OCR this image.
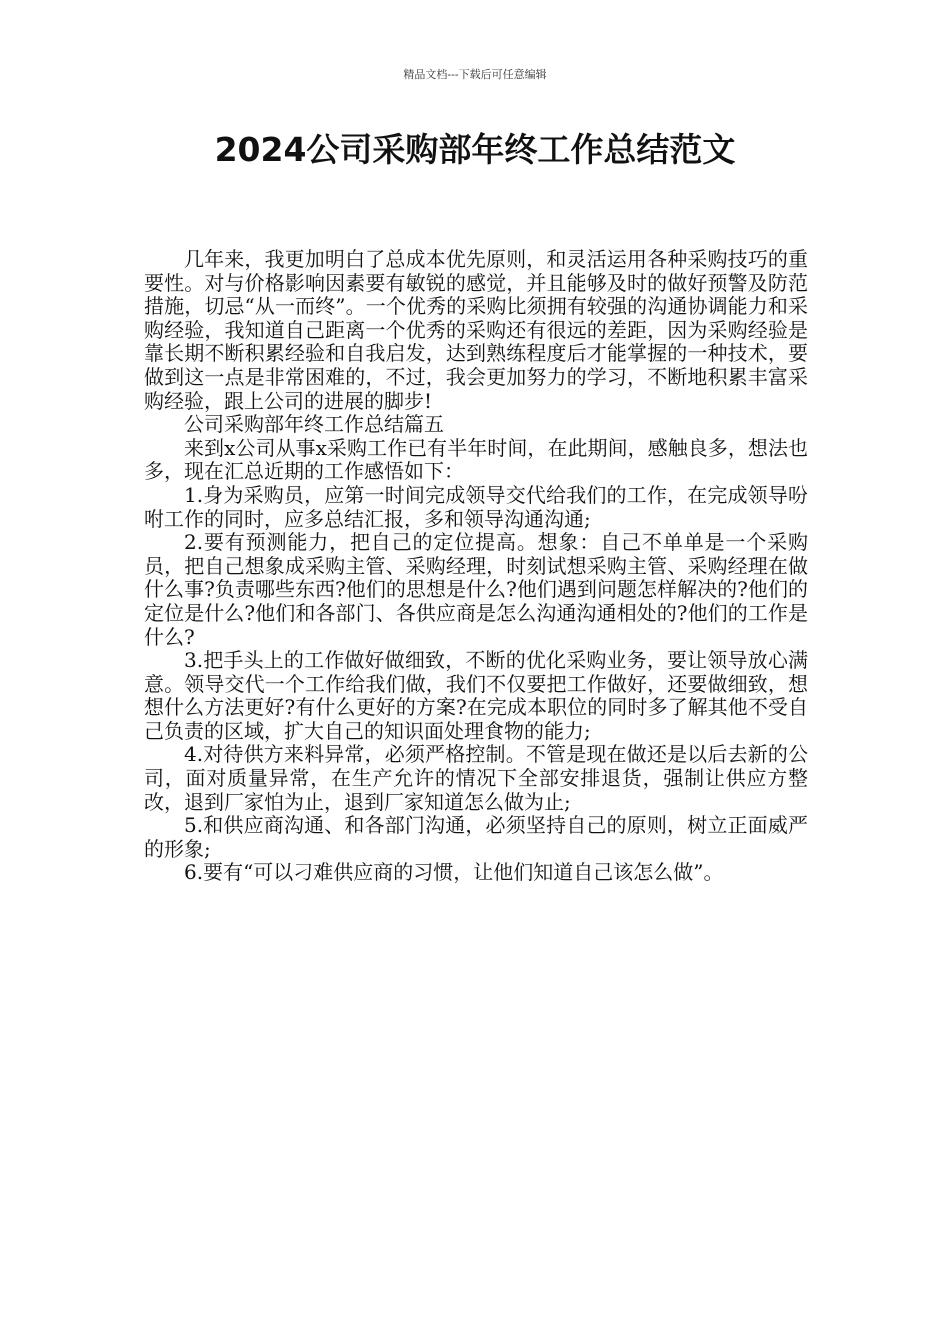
精品文档---下载后可任意编辑
2024公司采购部年终工作总结范文

几年来，我更加明白了总成本优先原则，和灵活运用各种采购技巧的重要性。对与价格影响因素要有敏锐的感觉，并且能够及时的做好预警及防范措施，切忌“从一而终”。一个优秀的采购比须拥有较强的沟通协调能力和采购经验，我知道自己距离一个优秀的采购还有很远的差距，因为采购经验是靠长期不断积累经验和自我启发，达到熟练程度后才能掌握的一种技术，要做到这一点是非常困难的，不过，我会更加努力的学习，不断地积累丰富采购经验，跟上公司的进展的脚步!

公司采购部年终工作总结篇五

来到x公司从事x采购工作已有半年时间，在此期间，感触良多，想法也多，现在汇总近期的工作感悟如下：

1.身为采购员，应第一时间完成领导交代给我们的工作，在完成领导吩咐工作的同时，应多总结汇报，多和领导沟通沟通;

2.要有预测能力，把自己的定位提高。想象：自己不单单是一个采购员，把自己想象成采购主管、采购经理，时刻试想采购主管、采购经理在做什么事?负责哪些东西?他们的思想是什么?他们遇到问题怎样解决的?他们的定位是什么?他们和各部门、各供应商是怎么沟通沟通相处的?他们的工作是什么?

3.把手头上的工作做好做细致，不断的优化采购业务，要让领导放心满意。领导交代一个工作给我们做，我们不仅要把工作做好，还要做细致，想想什么方法更好?有什么更好的方案?在完成本职位的同时多了解其他不受自己负责的区域，扩大自己的知识面处理食物的能力;

4.对待供方来料异常，必须严格控制。不管是现在做还是以后去新的公司，面对质量异常，在生产允许的情况下全部安排退货，强制让供应方整改，退到厂家怕为止，退到厂家知道怎么做为止;

5.和供应商沟通、和各部门沟通，必须坚持自己的原则，树立正面威严的形象;

6.要有“可以刁难供应商的习惯，让他们知道自己该怎么做”。
